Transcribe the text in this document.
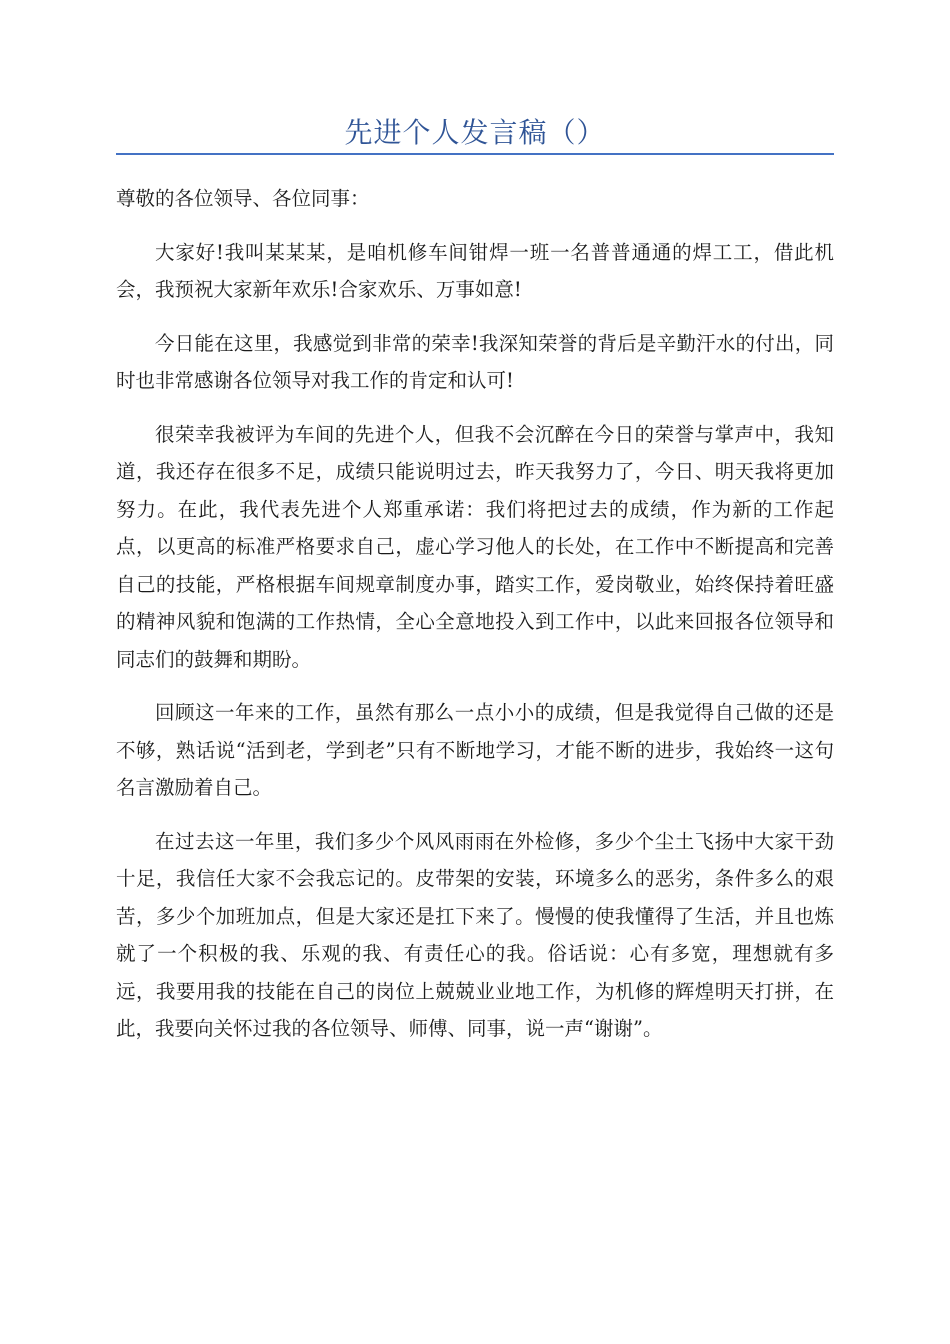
先进个人发言稿（）

尊敬的各位领导、各位同事：

大家好!我叫某某某，是咱机修车间钳焊一班一名普普通通的焊工工，借此机会，我预祝大家新年欢乐!合家欢乐、万事如意!

今日能在这里，我感觉到非常的荣幸!我深知荣誉的背后是辛勤汗水的付出，同时也非常感谢各位领导对我工作的肯定和认可!

很荣幸我被评为车间的先进个人，但我不会沉醉在今日的荣誉与掌声中，我知道，我还存在很多不足，成绩只能说明过去，昨天我努力了，今日、明天我将更加努力。在此，我代表先进个人郑重承诺：我们将把过去的成绩，作为新的工作起点，以更高的标准严格要求自己，虚心学习他人的长处，在工作中不断提高和完善自己的技能，严格根据车间规章制度办事，踏实工作，爱岗敬业，始终保持着旺盛的精神风貌和饱满的工作热情，全心全意地投入到工作中，以此来回报各位领导和同志们的鼓舞和期盼。

回顾这一年来的工作，虽然有那么一点小小的成绩，但是我觉得自己做的还是不够，熟话说“活到老，学到老”只有不断地学习，才能不断的进步，我始终一这句名言激励着自己。

在过去这一年里，我们多少个风风雨雨在外检修，多少个尘土飞扬中大家干劲十足，我信任大家不会我忘记的。皮带架的安装，环境多么的恶劣，条件多么的艰苦，多少个加班加点，但是大家还是扛下来了。慢慢的使我懂得了生活，并且也炼就了一个积极的我、乐观的我、有责任心的我。俗话说：心有多宽，理想就有多远，我要用我的技能在自己的岗位上兢兢业业地工作，为机修的辉煌明天打拼，在此，我要向关怀过我的各位领导、师傅、同事，说一声“谢谢”。
